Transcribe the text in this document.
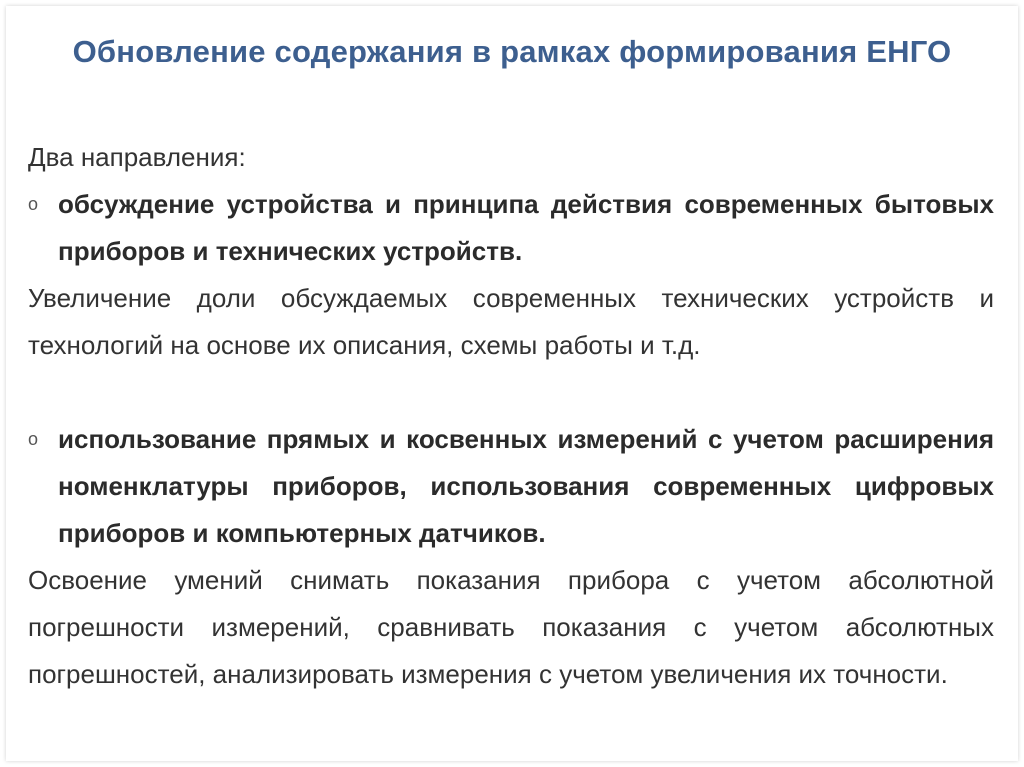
Обновление содержания в рамках формирования ЕНГО

Два направления:

o обсуждение устройства и принципа действия современных бытовых приборов и технических устройств.

Увеличение доли обсуждаемых современных технических устройств и технологий на основе их описания, схемы работы и т.д.

o использование прямых и косвенных измерений с учетом расширения номенклатуры приборов, использования современных цифровых приборов и компьютерных датчиков.

Освоение умений снимать показания прибора с учетом абсолютной погрешности измерений, сравнивать показания с учетом абсолютных погрешностей, анализировать измерения с учетом увеличения их точности.
